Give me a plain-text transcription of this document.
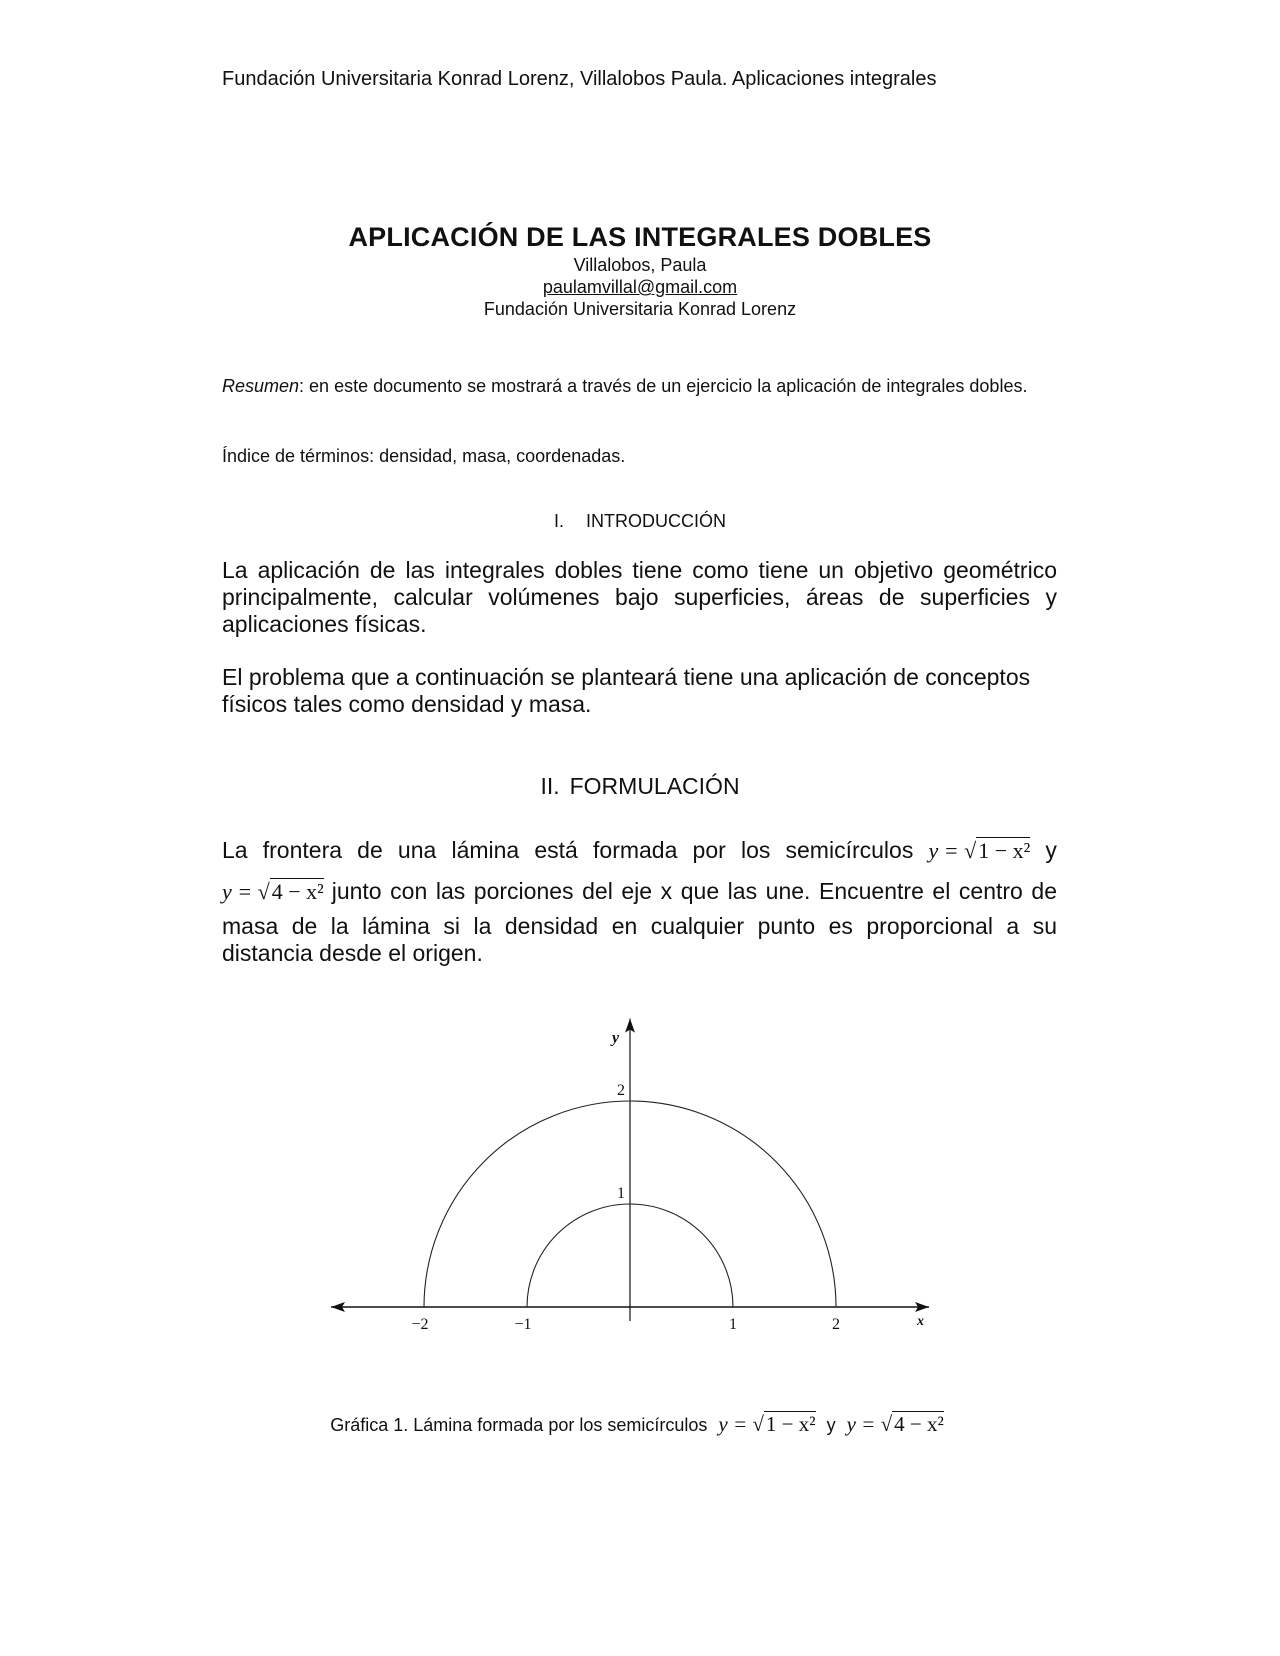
Fundación Universitaria Konrad Lorenz, Villalobos Paula. Aplicaciones integrales
APLICACIÓN DE LAS INTEGRALES DOBLES
Villalobos, Paula
paulamvillal@gmail.com
Fundación Universitaria Konrad Lorenz
Resumen: en este documento se mostrará a través de un ejercicio la aplicación de integrales dobles.
Índice de términos: densidad, masa, coordenadas.
I. INTRODUCCIÓN
La aplicación de las integrales dobles tiene como tiene un objetivo geométrico
principalmente, calcular volúmenes bajo superficies, áreas de superficies y
aplicaciones físicas.
El problema que a continuación se planteará tiene una aplicación de conceptos físicos tales como densidad y masa.
II. FORMULACIÓN
La frontera de una lámina está formada por los semicírculos y = √1 − x² y
y = √4 − x² junto con las porciones del eje x que las une. Encuentre el centro de
masa de la lámina si la densidad en cualquier punto es proporcional a su distancia desde el origen.
−2	−1	1	2
1
2
x
y
Gráfica 1. Lámina formada por los semicírculos y = √1 − x² y y = √4 − x²
